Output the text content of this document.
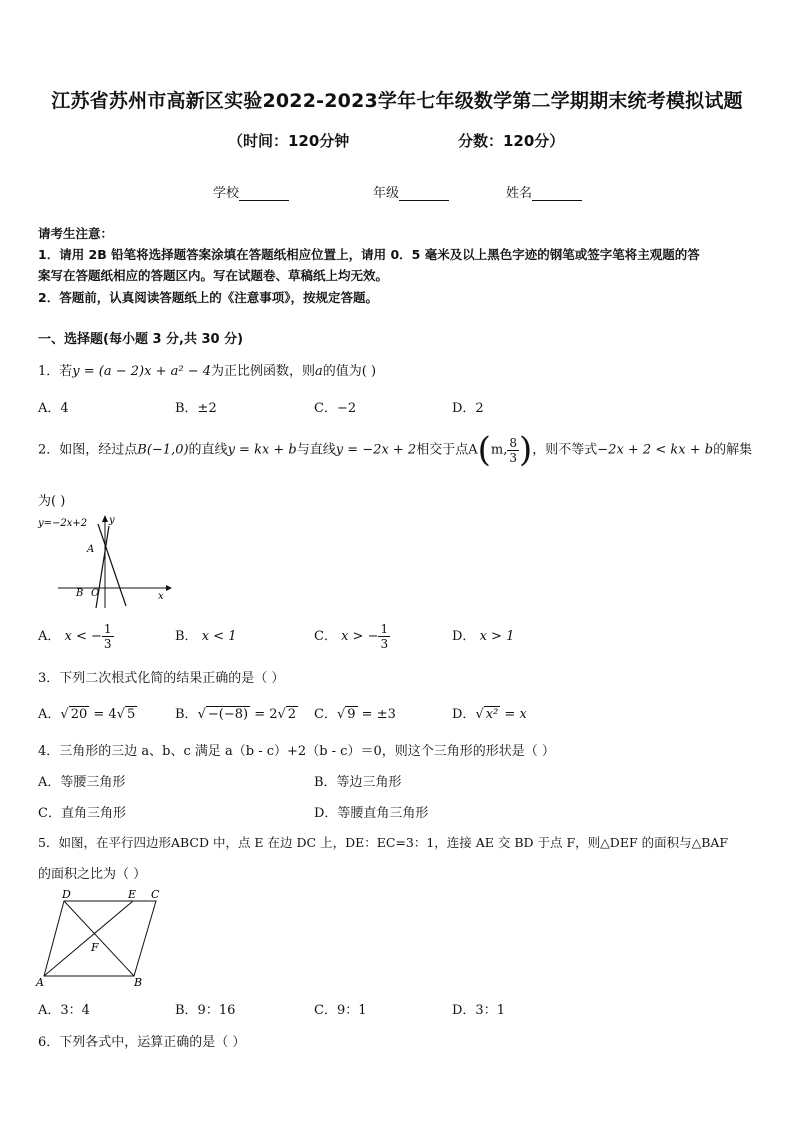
江苏省苏州市高新区实验2022-2023学年七年级数学第二学期期末统考模拟试题
（时间：120分钟	分数：120分）
学校	年级	姓名
请考生注意：
1．请用 2B 铅笔将选择题答案涂填在答题纸相应位置上，请用 0．5 毫米及以上黑色字迹的钢笔或签字笔将主观题的答
案写在答题纸相应的答题区内。写在试题卷、草稿纸上均无效。
2．答题前，认真阅读答题纸上的《注意事项》，按规定答题。
一、选择题(每小题 3 分,共 30 分)
1．若y = (a − 2)x + a² − 4为正比例函数，则a的值为( )
A．4	B．±2	C．−2	D．2
2．如图，经过点B(−1,0)的直线y = kx + b与直线y = −2x + 2相交于点A(m, $\frac{8}{3}$ )，则不等式−2x + 2 < kx + b的解集
为( )
y=−2x+2 y
x
A
B O
A． x < − $\frac{1}{3}$	B． x < 1	C． x > − $\frac{1}{3}$	D． x > 1
3．下列二次根式化简的结果正确的是（ ）
A．√ 20 = 4√ 5	B．√ −(−8) = 2√ 2 C．√ 9 = ±3	D．√ x² = x
4．三角形的三边 a、b、c 满足 a（b - c）+2（b - c）＝0，则这个三角形的形状是（ ）
A．等腰三角形	B．等边三角形
C．直角三角形	D．等腰直角三角形
5．如图，在平行四边形ABCD 中，点 E 在边 DC 上，DE：EC=3：1，连接 AE 交 BD 于点 F，则△DEF 的面积与△BAF
的面积之比为（ ）
D	E C
F
A	B
A．3：4	B．9：16	C．9：1	D．3：1
6．下列各式中，运算正确的是（ ）
